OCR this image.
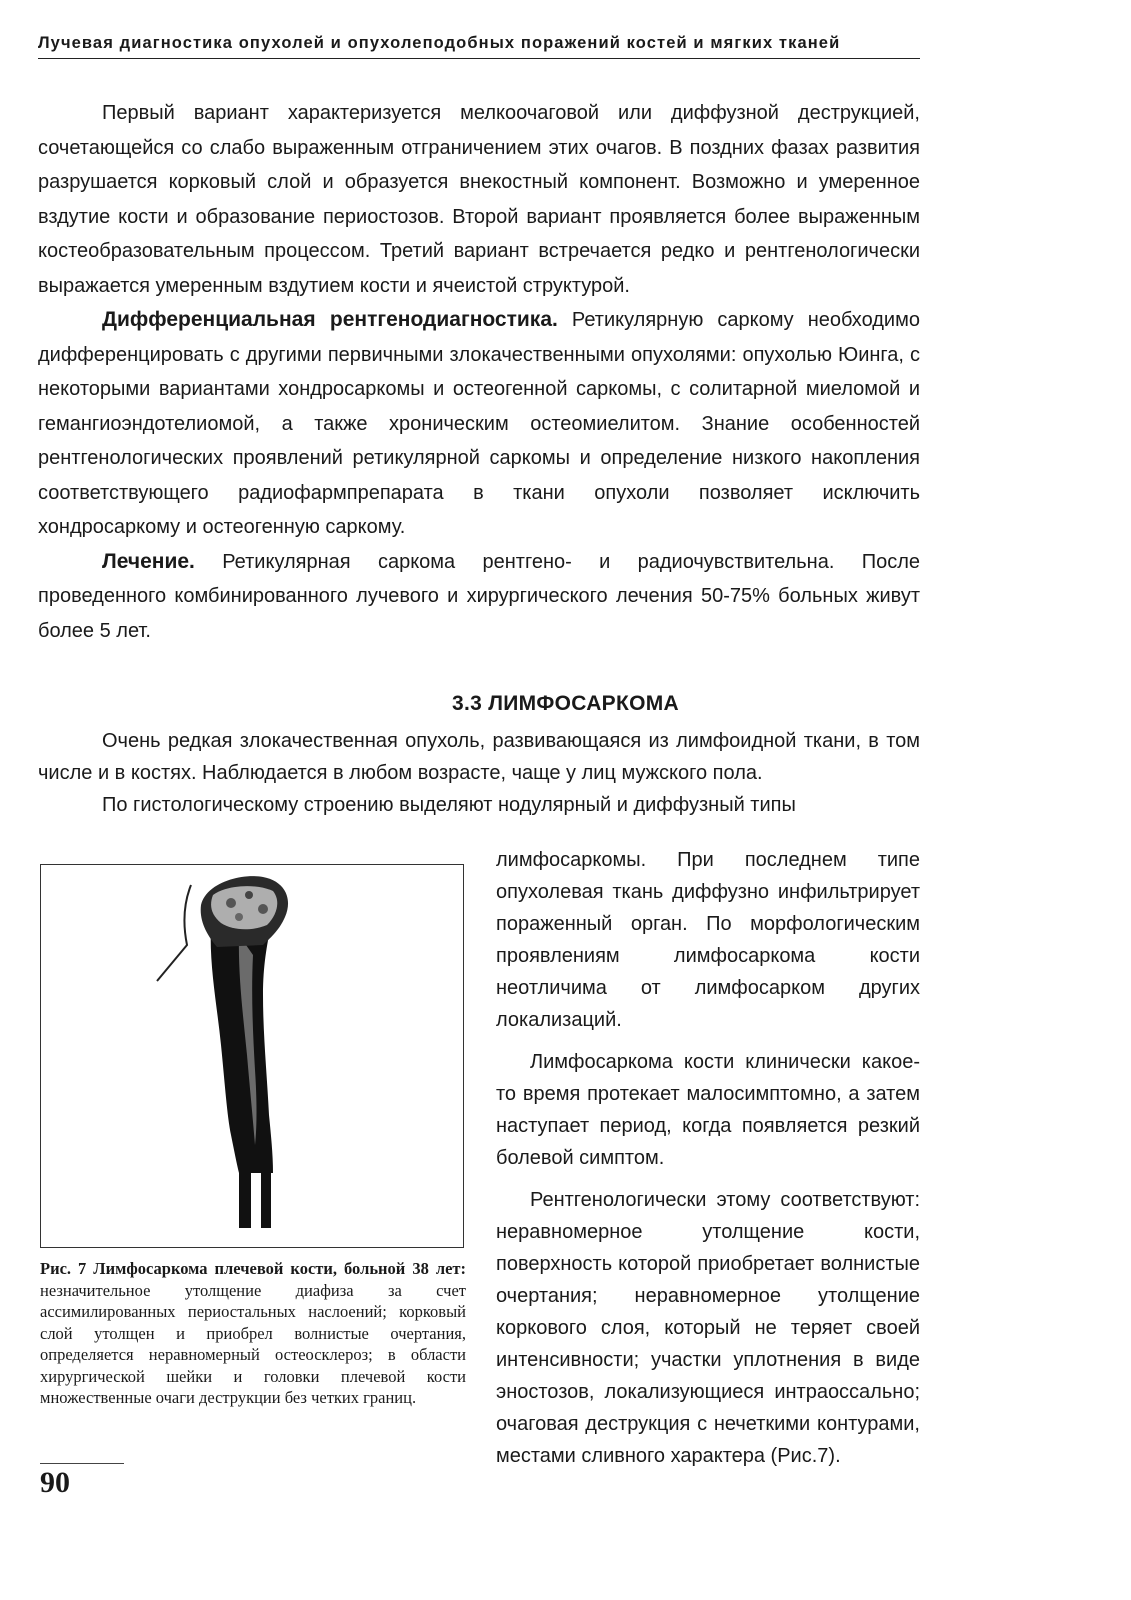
Лучевая диагностика опухолей и опухолеподобных поражений костей и мягких тканей

Первый вариант характеризуется мелкоочаговой или диффузной деструкцией, сочетающейся со слабо выраженным отграничением этих очагов. В поздних фазах развития разрушается корковый слой и образуется внекостный компонент. Возможно и умеренное вздутие кости и образование периостозов. Второй вариант проявляется более выраженным костеобразовательным процессом. Третий вариант встречается редко и рентгенологически выражается умеренным вздутием кости и ячеистой структурой.

Дифференциальная рентгенодиагностика. Ретикулярную саркому необходимо дифференцировать с другими первичными злокачественными опухолями: опухолью Юинга, с некоторыми вариантами хондросаркомы и остеогенной саркомы, с солитарной миеломой и гемангиоэндотелиомой, а также хроническим остеомиелитом. Знание особенностей рентгенологических проявлений ретикулярной саркомы и определение низкого накопления соответствующего радиофармпрепарата в ткани опухоли позволяет исключить хондросаркому и остеогенную саркому.

Лечение. Ретикулярная саркома рентгено- и радиочувствительна. После проведенного комбинированного лучевого и хирургического лечения 50-75% больных живут более 5 лет.

3.3 ЛИМФОСАРКОМА

Очень редкая злокачественная опухоль, развивающаяся из лимфоидной ткани, в том числе и в костях. Наблюдается в любом возрасте, чаще у лиц мужского пола.

По гистологическому строению выделяют нодулярный и диффузный типы

лимфосаркомы. При последнем типе опухолевая ткань диффузно инфильтрирует пораженный орган. По морфологическим проявлениям лимфосаркома кости неотличима от лимфосарком других локализаций.

Лимфосаркома кости клинически какое-то время протекает малосимптомно, а затем наступает период, когда появляется резкий болевой симптом.

Рентгенологически этому соответствуют: неравномерное утолщение кости, поверхность которой приобретает волнистые очертания; неравномерное утолщение коркового слоя, который не теряет своей интенсивности; участки уплотнения в виде эностозов, локализующиеся интраоссально; очаговая деструкция с нечеткими контурами, местами сливного характера (Рис.7).

Рис. 7 Лимфосаркома плечевой кости, больной 38 лет: незначительное утолщение диафиза за счет ассимилированных периостальных наслоений; корковый слой утолщен и приобрел волнистые очертания, определяется неравномерный остеосклероз; в области хирургической шейки и головки плечевой кости множественные очаги деструкции без четких границ.
90
